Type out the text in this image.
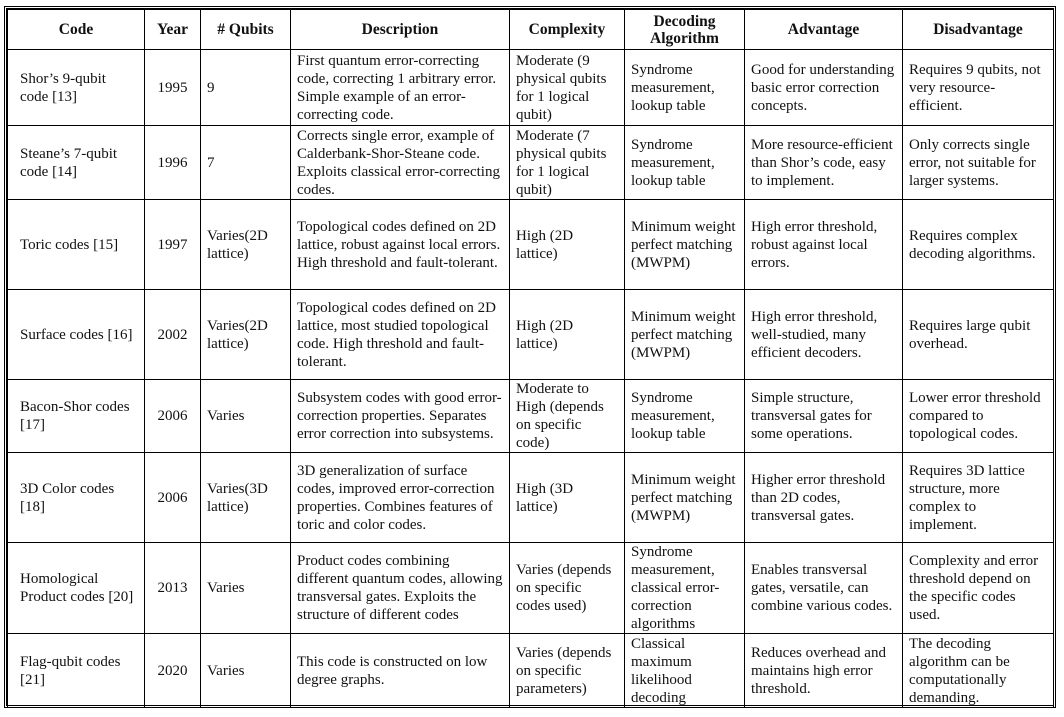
Code	Year	# Qubits	Description	Complexity	Decoding Algorithm	Advantage	Disadvantage
Shor’s 9-qubit code [13]	1995	9	First quantum error-correcting code, correcting 1 arbitrary error. Simple example of an error-correcting code.	Moderate (9 physical qubits for 1 logical qubit)	Syndrome measurement, lookup table	Good for understanding basic error correction concepts.	Requires 9 qubits, not very resource-efficient.
Steane’s 7-qubit code [14]	1996	7	Corrects single error, example of Calderbank-Shor-Steane code. Exploits classical error-correcting codes.	Moderate (7 physical qubits for 1 logical qubit)	Syndrome measurement, lookup table	More resource-efficient than Shor’s code, easy to implement.	Only corrects single error, not suitable for larger systems.
Toric codes [15]	1997	Varies(2D lattice)	Topological codes defined on 2D lattice, robust against local errors. High threshold and fault-tolerant.	High (2D lattice)	Minimum weight perfect matching (MWPM)	High error threshold, robust against local errors.	Requires complex decoding algorithms.
Surface codes [16]	2002	Varies(2D lattice)	Topological codes defined on 2D lattice, most studied topological code. High threshold and fault-tolerant.	High (2D lattice)	Minimum weight perfect matching (MWPM)	High error threshold, well-studied, many efficient decoders.	Requires large qubit overhead.
Bacon-Shor codes [17]	2006	Varies	Subsystem codes with good error-correction properties. Separates error correction into subsystems.	Moderate to High (depends on specific code)	Syndrome measurement, lookup table	Simple structure, transversal gates for some operations.	Lower error threshold compared to topological codes.
3D Color codes [18]	2006	Varies(3D lattice)	3D generalization of surface codes, improved error-correction properties. Combines features of toric and color codes.	High (3D lattice)	Minimum weight perfect matching (MWPM)	Higher error threshold than 2D codes, transversal gates.	Requires 3D lattice structure, more complex to implement.
Homological Product codes [20]	2013	Varies	Product codes combining different quantum codes, allowing transversal gates. Exploits the structure of different codes	Varies (depends on specific codes used)	Syndrome measurement, classical error-correction algorithms	Enables transversal gates, versatile, can combine various codes.	Complexity and error threshold depend on the specific codes used.
Flag-qubit codes [21]	2020	Varies	This code is constructed on low degree graphs.	Varies (depends on specific parameters)	Classical maximum likelihood decoding	Reduces overhead and maintains high error threshold.	The decoding algorithm can be computationally demanding.
